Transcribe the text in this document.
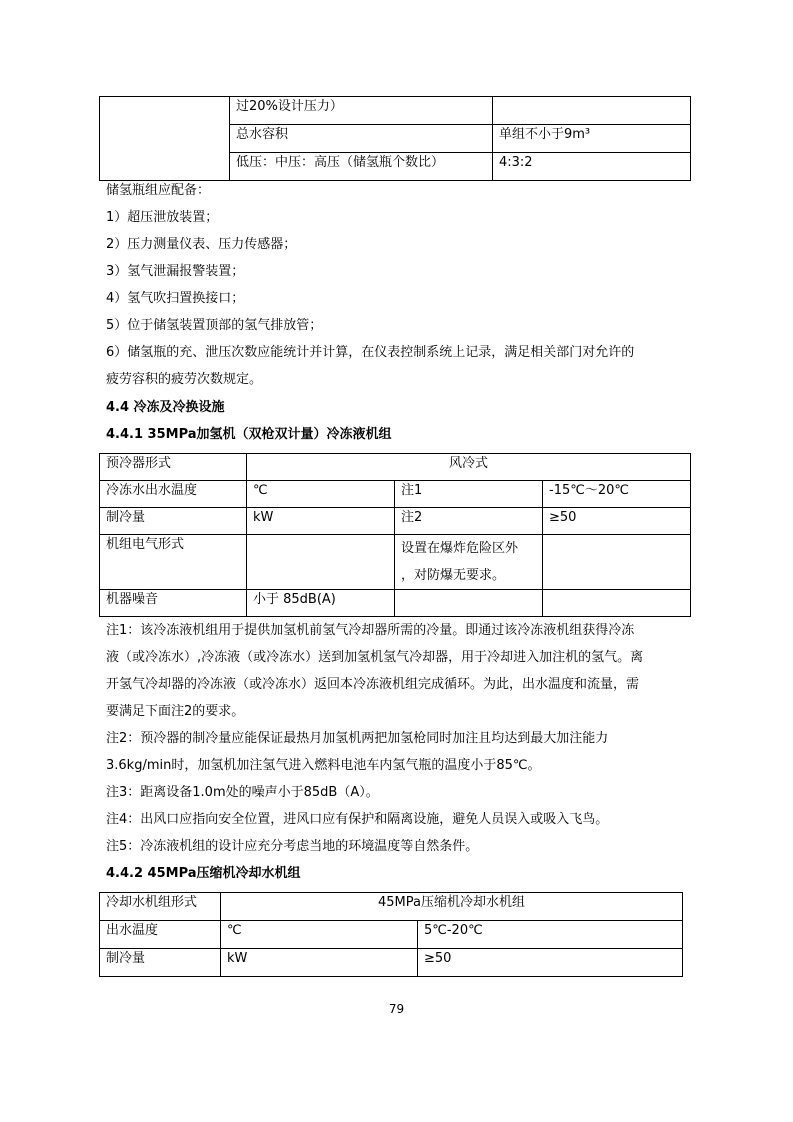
	过20%设计压力）	
	总水容积	单组不小于9m³
	低压：中压：高压（储氢瓶个数比）	4:3:2
储氢瓶组应配备：
1）超压泄放装置；
2）压力测量仪表、压力传感器；
3）氢气泄漏报警装置；
4）氢气吹扫置换接口；
5）位于储氢装置顶部的氢气排放管；
6）储氢瓶的充、泄压次数应能统计并计算，在仪表控制系统上记录，满足相关部门对允许的
疲劳容积的疲劳次数规定。
4.4 冷冻及冷换设施
4.4.1 35MPa加氢机（双枪双计量）冷冻液机组
预冷器形式	风冷式		
冷冻水出水温度	℃	注1	-15℃～20℃
制冷量	kW	注2	≥50
机组电气形式		设置在爆炸危险区外
，对防爆无要求。	

机器噪音	小于 85dB(A)		
注1：该冷冻液机组用于提供加氢机前氢气冷却器所需的冷量。即通过该冷冻液机组获得冷冻
液（或冷冻水）,冷冻液（或冷冻水）送到加氢机氢气冷却器，用于冷却进入加注机的氢气。离
开氢气冷却器的冷冻液（或冷冻水）返回本冷冻液机组完成循环。为此，出水温度和流量，需
要满足下面注2的要求。
注2：预冷器的制冷量应能保证最热月加氢机两把加氢枪同时加注且均达到最大加注能力
3.6kg/min时，加氢机加注氢气进入燃料电池车内氢气瓶的温度小于85℃。
注3：距离设备1.0m处的噪声小于85dB（A）。
注4：出风口应指向安全位置，进风口应有保护和隔离设施，避免人员误入或吸入飞鸟。
注5：冷冻液机组的设计应充分考虑当地的环境温度等自然条件。
4.4.2 45MPa压缩机冷却水机组
冷却水机组形式	45MPa压缩机冷却水机组	
出水温度	℃	5℃-20℃
制冷量	kW	≥50
79
